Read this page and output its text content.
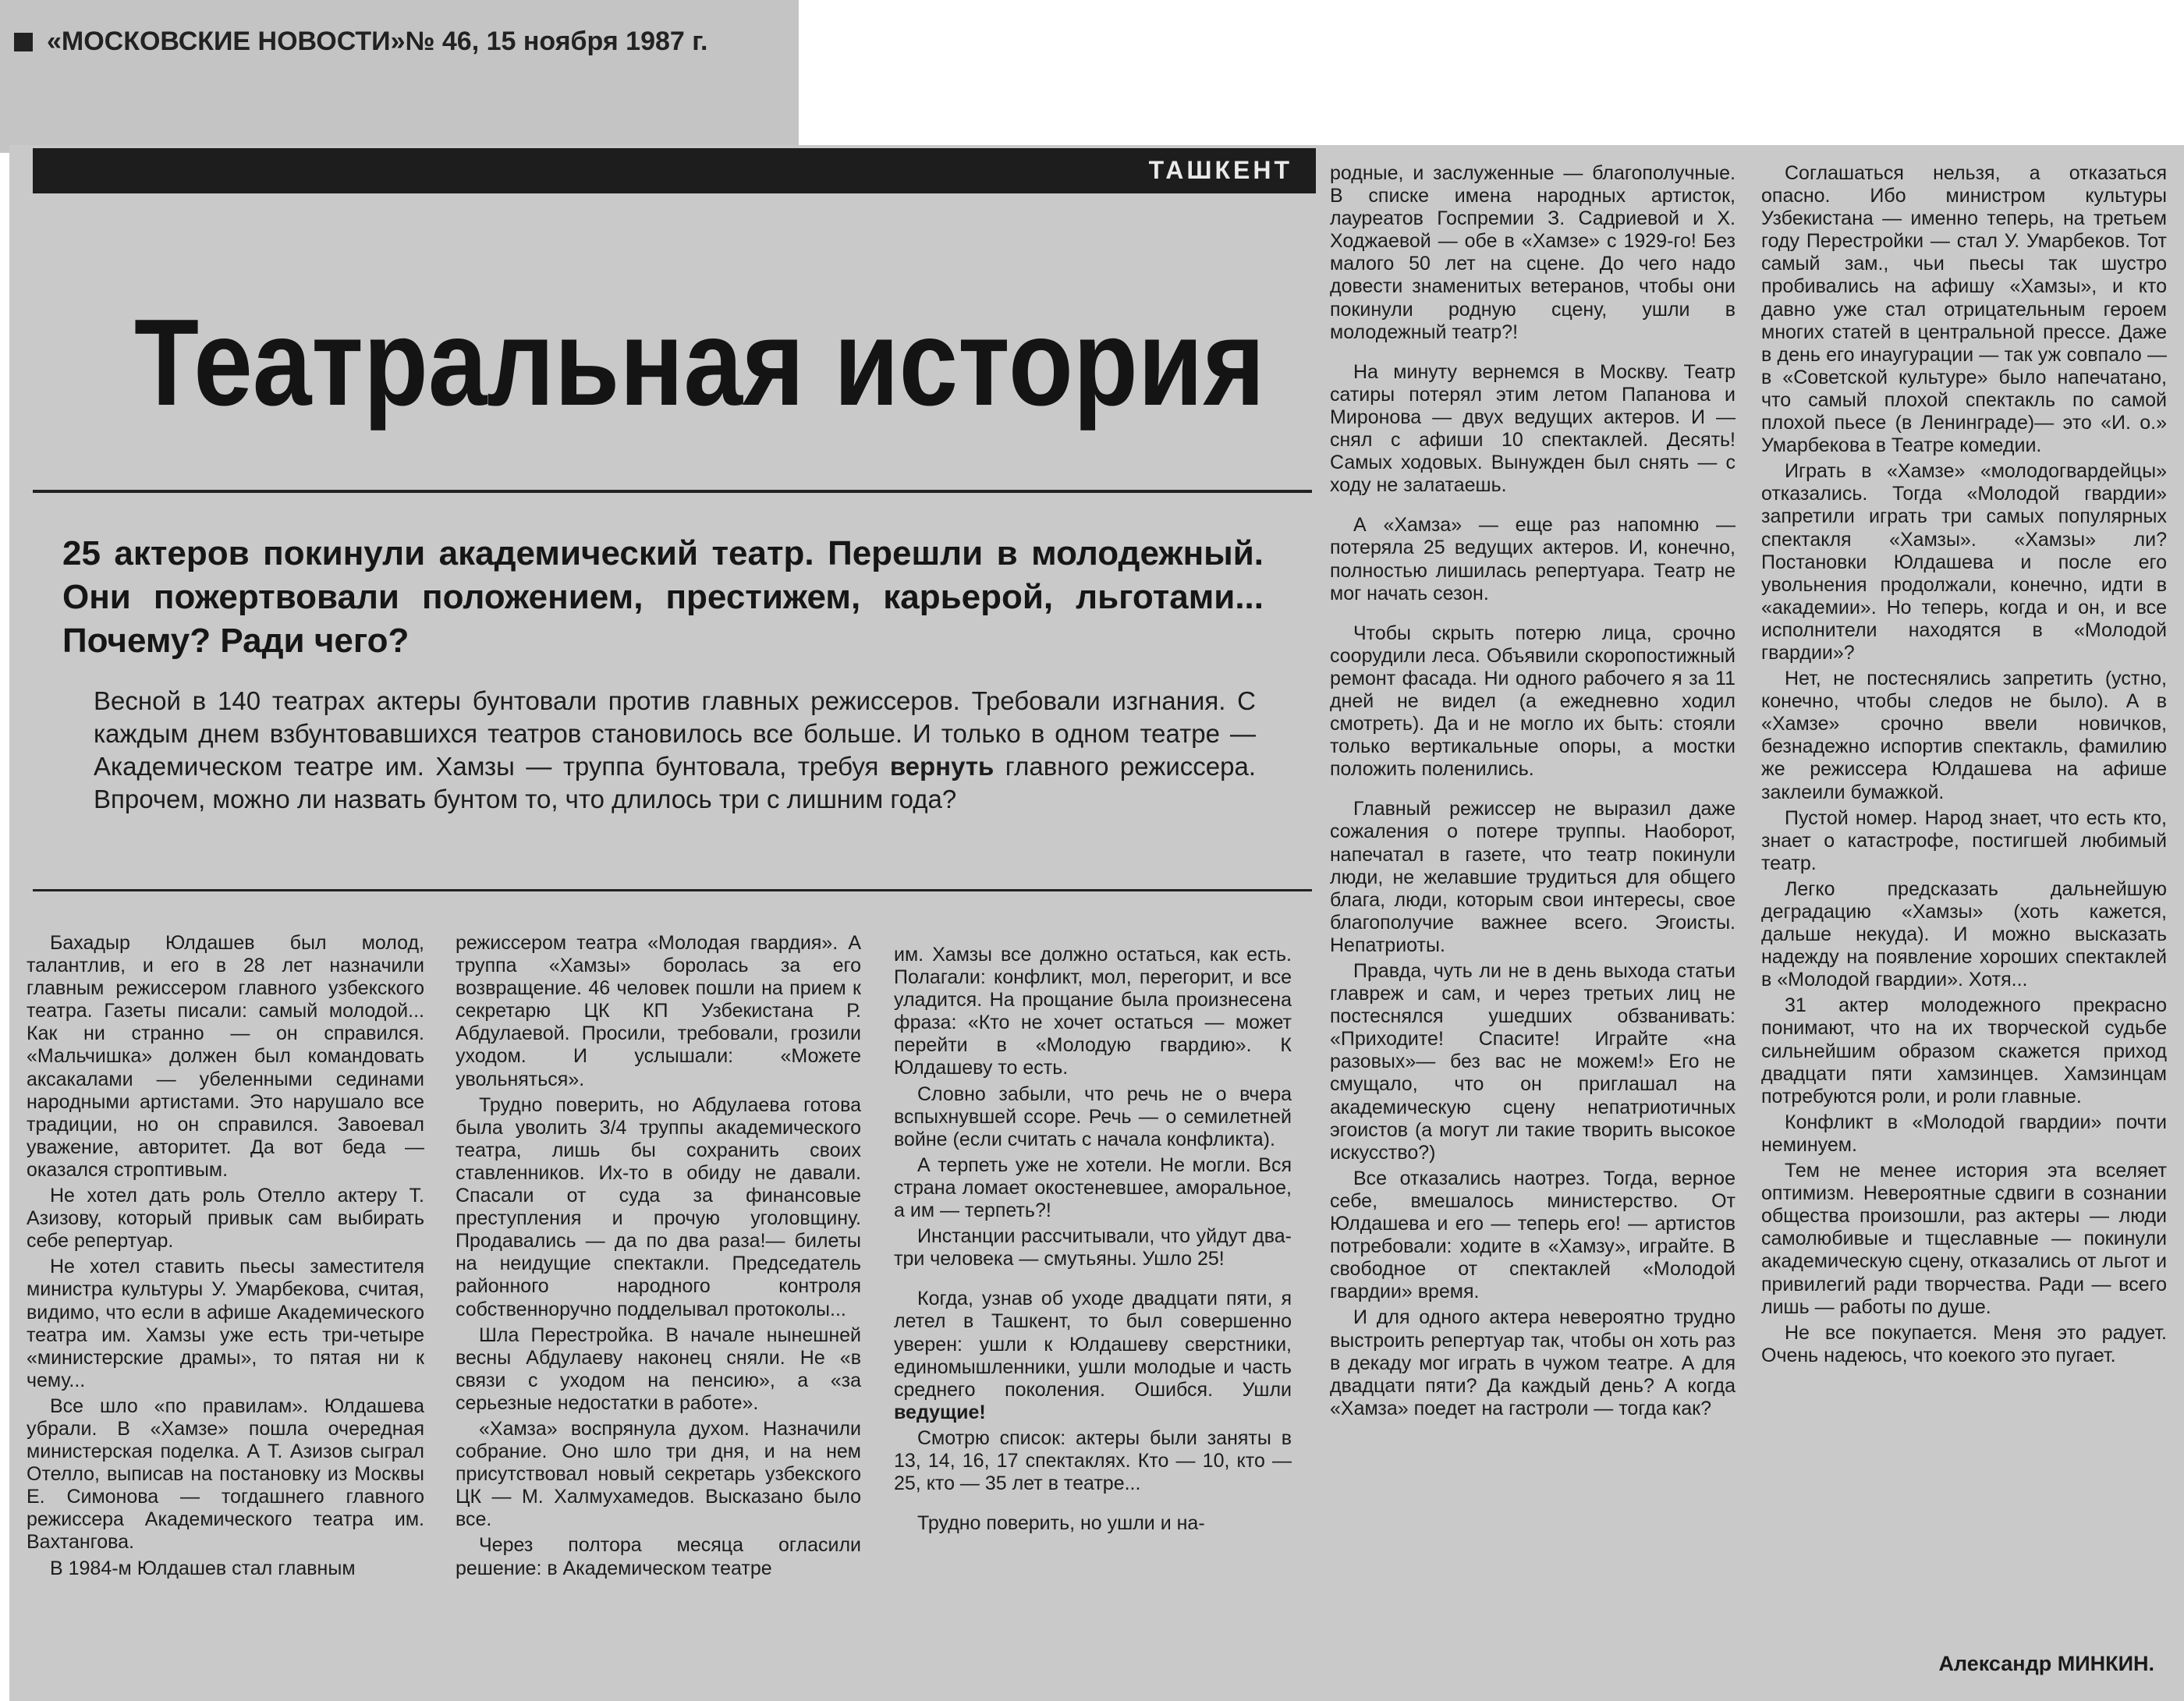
«МОСКОВСКИЕ НОВОСТИ»№ 46, 15 ноября 1987 г.
ТАШКЕНТ
Театральная история
25 актеров покинули академический театр. Перешли в молодежный. Они пожертвовали положением, престижем, карьерой, льготами... Почему? Ради чего?
Весной в 140 театрах актеры бунтовали против главных режиссеров. Требовали изгнания. С каждым днем взбунтовавшихся театров становилось все больше. И только в одном театре — Академическом театре им. Хамзы — труппа бунтовала, требуя вернуть главного режиссера. Впрочем, можно ли назвать бунтом то, что длилось три с лишним года?

Бахадыр Юлдашев был молод, талантлив, и его в 28 лет назначили главным режиссером главного узбекского театра. Газеты писали: самый молодой... Как ни странно — он справился. «Мальчишка» должен был командовать аксакалами — убеленными сединами народными артистами. Это нарушало все традиции, но он справился. Завоевал уважение, авторитет. Да вот беда — оказался строптивым.

Не хотел дать роль Отелло актеру Т. Азизову, который привык сам выбирать себе репертуар.

Не хотел ставить пьесы заместителя министра культуры У. Умарбекова, считая, видимо, что если в афише Академического театра им. Хамзы уже есть три-четыре «министерские драмы», то пятая ни к чему...

Все шло «по правилам». Юлдашева убрали. В «Хамзе» пошла очередная министерская поделка. А Т. Азизов сыграл Отелло, выписав на постановку из Москвы Е. Симонова — тогдашнего главного режиссера Академического театра им. Вахтангова.

В 1984-м Юлдашев стал главным

режиссером театра «Молодая гвардия». А труппа «Хамзы» боролась за его возвращение. 46 человек пошли на прием к секретарю ЦК КП Узбекистана Р. Абдулаевой. Просили, требовали, грозили уходом. И услышали: «Можете увольняться».

Трудно поверить, но Абдулаева готова была уволить 3/4 труппы академического театра, лишь бы сохранить своих ставленников. Их-то в обиду не давали. Спасали от суда за финансовые преступления и прочую уголовщину. Продавались — да по два раза!— билеты на неидущие спектакли. Председатель районного народного контроля собственноручно подделывал протоколы...

Шла Перестройка. В начале нынешней весны Абдулаеву наконец сняли. Не «в связи с уходом на пенсию», а «за серьезные недостатки в работе».

«Хамза» воспрянула духом. Назначили собрание. Оно шло три дня, и на нем присутствовал новый секретарь узбекского ЦК — М. Халмухамедов. Высказано было все.

Через полтора месяца огласили решение: в Академическом театре

им. Хамзы все должно остаться, как есть. Полагали: конфликт, мол, перегорит, и все уладится. На прощание была произнесена фраза: «Кто не хочет остаться — может перейти в «Молодую гвардию». К Юлдашеву то есть.

Словно забыли, что речь не о вчера вспыхнувшей ссоре. Речь — о семилетней войне (если считать с начала конфликта).

А терпеть уже не хотели. Не могли. Вся страна ломает окостеневшее, аморальное, а им — терпеть?!

Инстанции рассчитывали, что уйдут два-три человека — смутьяны. Ушло 25!

Когда, узнав об уходе двадцати пяти, я летел в Ташкент, то был совершенно уверен: ушли к Юлдашеву сверстники, единомышленники, ушли молодые и часть среднего поколения. Ошибся. Ушли ведущие!

Смотрю список: актеры были заняты в 13, 14, 16, 17 спектаклях. Кто — 10, кто — 25, кто — 35 лет в театре...

Трудно поверить, но ушли и на-

родные, и заслуженные — благополучные. В списке имена народных артисток, лауреатов Госпремии З. Садриевой и Х. Ходжаевой — обе в «Хамзе» с 1929-го! Без малого 50 лет на сцене. До чего надо довести знаменитых ветеранов, чтобы они покинули родную сцену, ушли в молодежный театр?!

На минуту вернемся в Москву. Театр сатиры потерял этим летом Папанова и Миронова — двух ведущих актеров. И — снял с афиши 10 спектаклей. Десять! Самых ходовых. Вынужден был снять — с ходу не залатаешь.

А «Хамза» — еще раз напомню — потеряла 25 ведущих актеров. И, конечно, полностью лишилась репертуара. Театр не мог начать сезон.

Чтобы скрыть потерю лица, срочно соорудили леса. Объявили скоропостижный ремонт фасада. Ни одного рабочего я за 11 дней не видел (а ежедневно ходил смотреть). Да и не могло их быть: стояли только вертикальные опоры, а мостки положить поленились.

Главный режиссер не выразил даже сожаления о потере труппы. Наоборот, напечатал в газете, что театр покинули люди, не желавшие трудиться для общего блага, люди, которым свои интересы, свое благополучие важнее всего. Эгоисты. Непатриоты.

Правда, чуть ли не в день выхода статьи главреж и сам, и через третьих лиц не постеснялся ушедших обзванивать: «Приходите! Спасите! Играйте «на разовых»— без вас не можем!» Его не смущало, что он приглашал на академическую сцену непатриотичных эгоистов (а могут ли такие творить высокое искусство?)

Все отказались наотрез. Тогда, верное себе, вмешалось министерство. От Юлдашева и его — теперь его! — артистов потребовали: ходите в «Хамзу», играйте. В свободное от спектаклей «Молодой гвардии» время.

И для одного актера невероятно трудно выстроить репертуар так, чтобы он хоть раз в декаду мог играть в чужом театре. А для двадцати пяти? Да каждый день? А когда «Хамза» поедет на гастроли — тогда как?

Соглашаться нельзя, а отказаться опасно. Ибо министром культуры Узбекистана — именно теперь, на третьем году Перестройки — стал У. Умарбеков. Тот самый зам., чьи пьесы так шустро пробивались на афишу «Хамзы», и кто давно уже стал отрицательным героем многих статей в центральной прессе. Даже в день его инаугурации — так уж совпало — в «Советской культуре» было напечатано, что самый плохой спектакль по самой плохой пьесе (в Ленинграде)— это «И. о.» Умарбекова в Театре комедии.

Играть в «Хамзе» «молодогвардейцы» отказались. Тогда «Молодой гвардии» запретили играть три самых популярных спектакля «Хамзы». «Хамзы» ли? Постановки Юлдашева и после его увольнения продолжали, конечно, идти в «академии». Но теперь, когда и он, и все исполнители находятся в «Молодой гвардии»?

Нет, не постеснялись запретить (устно, конечно, чтобы следов не было). А в «Хамзе» срочно ввели новичков, безнадежно испортив спектакль, фамилию же режиссера Юлдашева на афише заклеили бумажкой.

Пустой номер. Народ знает, что есть кто, знает о катастрофе, постигшей любимый театр.

Легко предсказать дальнейшую деградацию «Хамзы» (хоть кажется, дальше некуда). И можно высказать надежду на появление хороших спектаклей в «Молодой гвардии». Хотя...

31 актер молодежного прекрасно понимают, что на их творческой судьбе сильнейшим образом скажется приход двадцати пяти хамзинцев. Хамзинцам потребуются роли, и роли главные.

Конфликт в «Молодой гвардии» почти неминуем.

Тем не менее история эта вселяет оптимизм. Невероятные сдвиги в сознании общества произошли, раз актеры — люди самолюбивые и тщеславные — покинули академическую сцену, отказались от льгот и привилегий ради творчества. Ради — всего лишь — работы по душе.

Не все покупается. Меня это радует. Очень надеюсь, что коекого это пугает.

Александр МИНКИН.
